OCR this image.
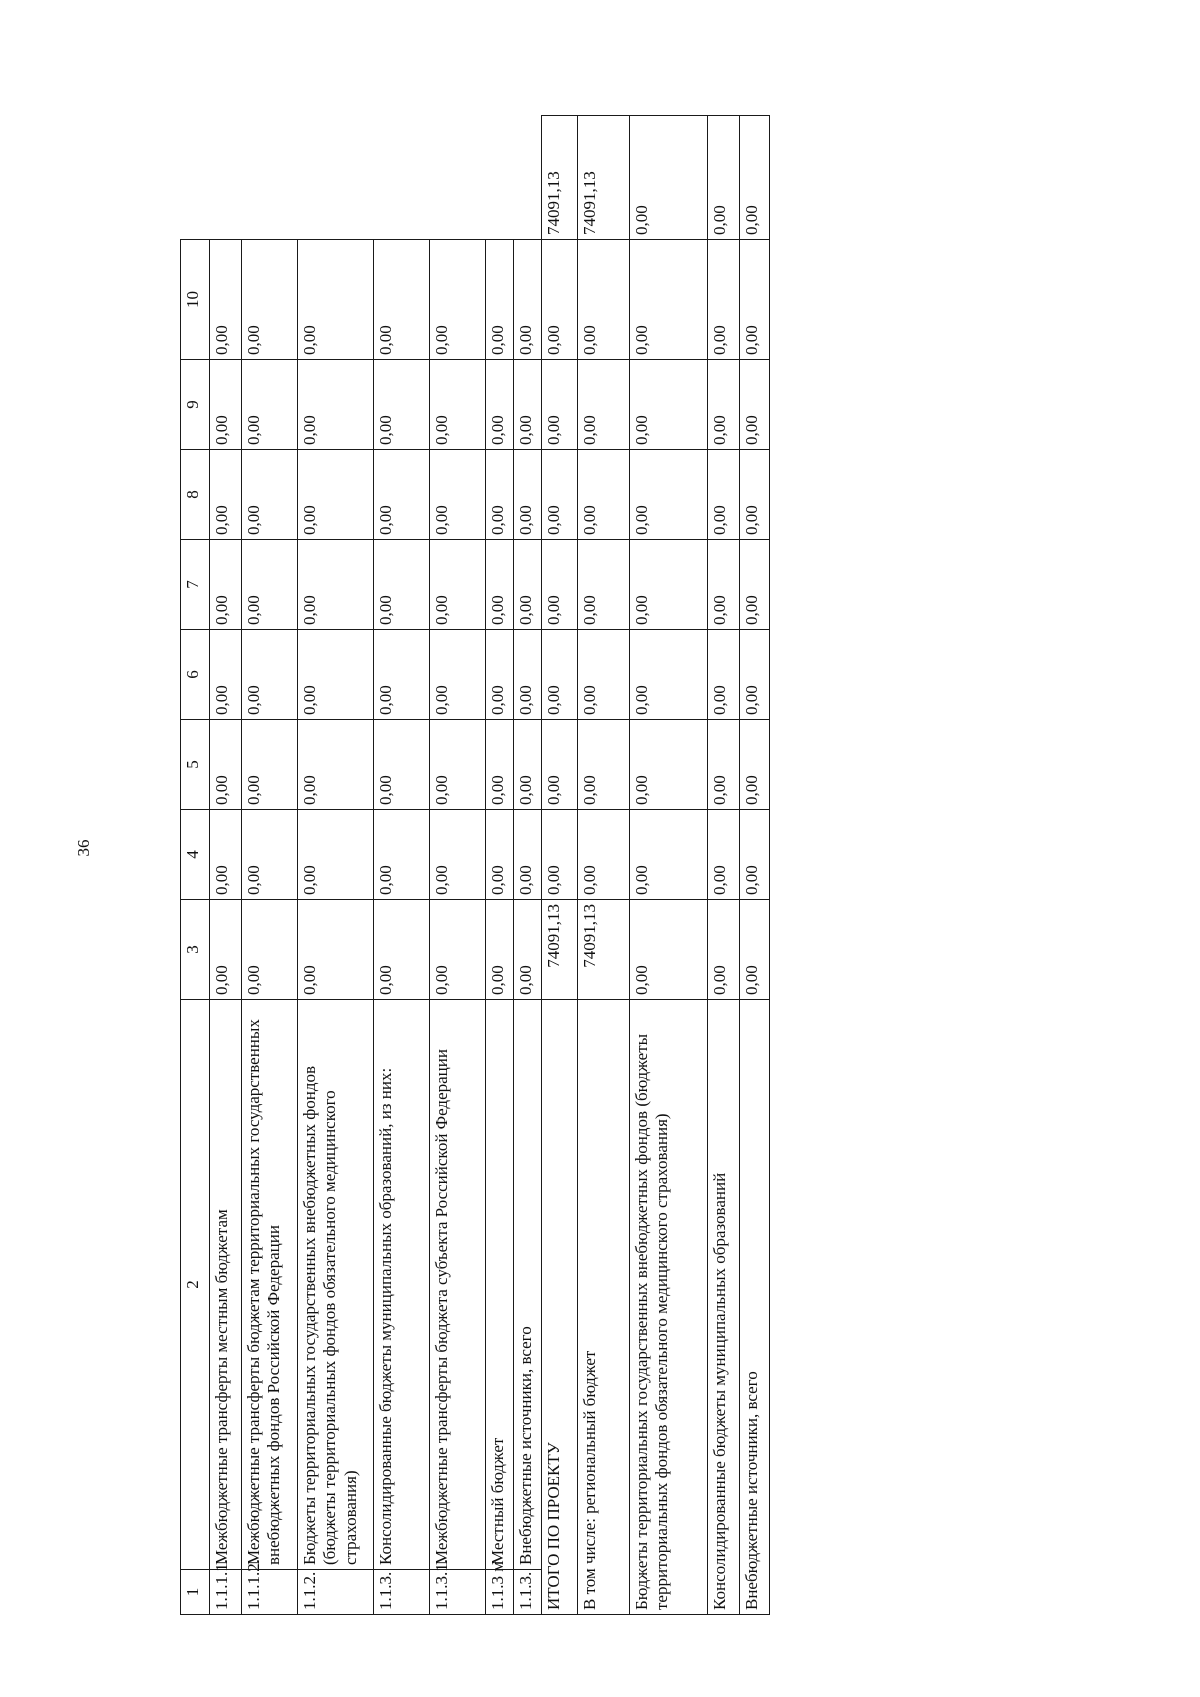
36
1	2	3	4	5	6	7	8	9	10	
1.1.1.1.	Межбюджетные трансферты местным бюджетам	0,00	0,00	0,00	0,00	0,00	0,00	0,00	0,00	
1.1.1.2.	Межбюджетные трансферты бюджетам территориальных государственных внебюджетных фондов Российской Федерации	0,00	0,00	0,00	0,00	0,00	0,00	0,00	0,00	
1.1.2.	Бюджеты территориальных государственных внебюджетных фондов (бюджеты территориальных фондов обязательного медицинского страхования)	0,00	0,00	0,00	0,00	0,00	0,00	0,00	0,00	
1.1.3.	Консолидированные бюджеты муниципальных образований, из них:	0,00	0,00	0,00	0,00	0,00	0,00	0,00	0,00	
1.1.3.1.	Межбюджетные трансферты бюджета субъекта Российской Федерации	0,00	0,00	0,00	0,00	0,00	0,00	0,00	0,00	
1.1.3 м	Местный бюджет	0,00	0,00	0,00	0,00	0,00	0,00	0,00	0,00	
1.1.3.	Внебюджетные источники, всего	0,00	0,00	0,00	0,00	0,00	0,00	0,00	0,00	
ИТОГО ПО ПРОЕКТУ		74091,13	0,00	0,00	0,00	0,00	0,00	0,00	0,00	74091,13
В том числе: региональный бюджет		74091,13	0,00	0,00	0,00	0,00	0,00	0,00	0,00	74091,13
Бюджеты территориальных государственных внебюджетных фондов (бюджеты территориальных фондов обязательного медицинского страхования)		0,00	0,00	0,00	0,00	0,00	0,00	0,00	0,00	0,00
Консолидированные бюджеты муниципальных образований		0,00	0,00	0,00	0,00	0,00	0,00	0,00	0,00	0,00
Внебюджетные источники, всего		0,00	0,00	0,00	0,00	0,00	0,00	0,00	0,00	0,00
